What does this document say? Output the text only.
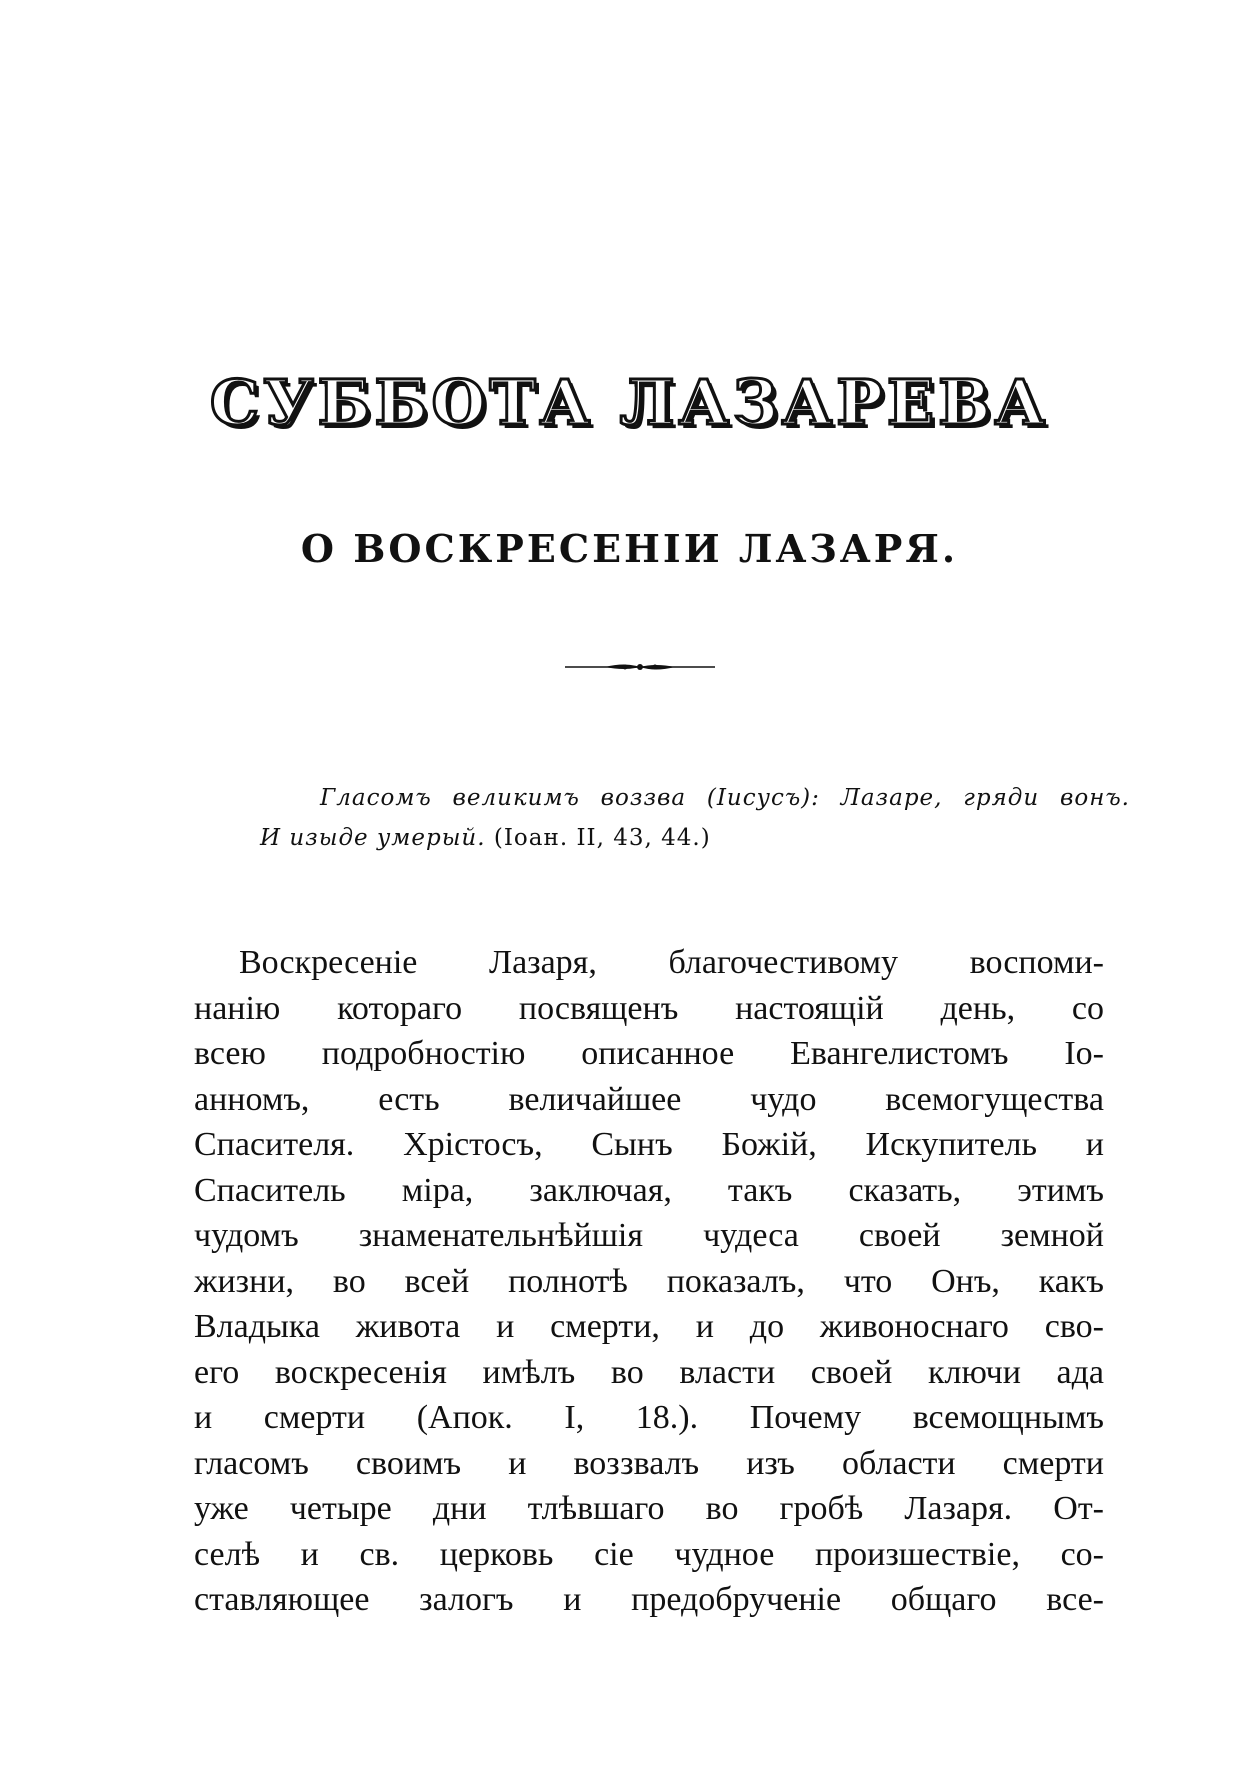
СУББОТА ЛАЗАРЕВА
О ВОСКРЕСЕНІИ ЛАЗАРЯ.
Гласомъ великимъ воззва (Іисусъ): Лазаре, гряди вонъ.
И изыде умерый. (Іоан. II, 43, 44.)
Воскресеніе Лазаря, благочестивому воспоми-
нанію котораго посвященъ настоящій день, со
всею подробностію описанное Евангелистомъ Іо-
анномъ, есть величайшее чудо всемогущества
Спасителя. Хрістосъ, Сынъ Божій, Искупитель и
Спаситель міра, заключая, такъ сказать, этимъ
чудомъ знаменательнѣйшія чудеса своей земной
жизни, во всей полнотѣ показалъ, что Онъ, какъ
Владыка живота и смерти, и до живоноснаго сво-
его воскресенія имѣлъ во власти своей ключи ада
и смерти (Апок. I, 18.). Почему всемощнымъ
гласомъ своимъ и воззвалъ изъ области смерти
уже четыре дни тлѣвшаго во гробѣ Лазаря. От-
селѣ и св. церковь сіе чудное произшествіе, со-
ставляющее залогъ и предобрученіе общаго все-
